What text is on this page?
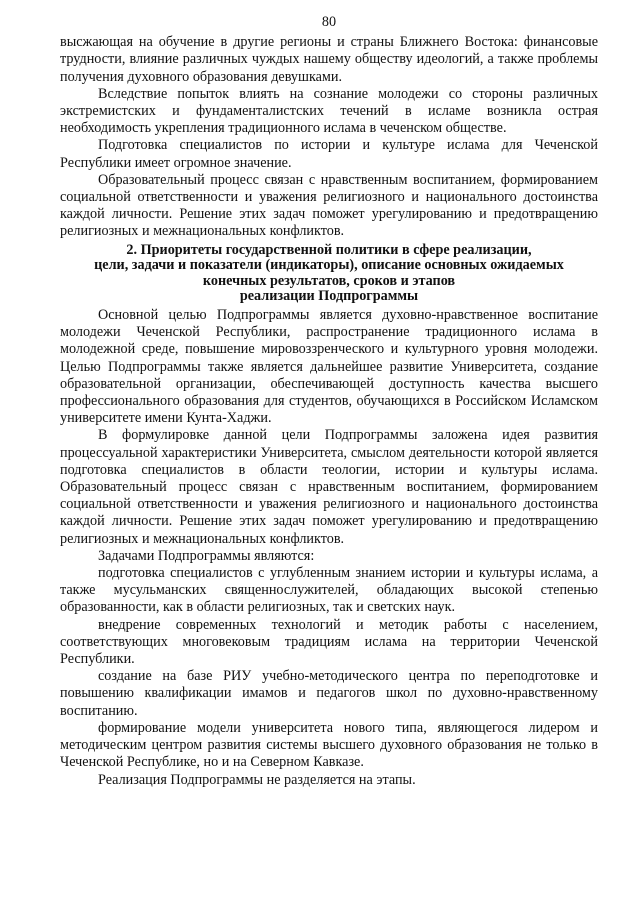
80

высжающая на обучение в другие регионы и страны Ближнего Востока: финансовые трудности, влияние различных чуждых нашему обществу идеологий, а также проблемы получения духовного образования девушками.

Вследствие попыток влиять на сознание молодежи со стороны различных экстремистских и фундаменталистских течений в исламе возникла острая необходимость укрепления традиционного ислама в чеченском обществе.

Подготовка специалистов по истории и культуре ислама для Чеченской Республики имеет огромное значение.

Образовательный процесс связан с нравственным воспитанием, формированием социальной ответственности и уважения религиозного и национального достоинства каждой личности. Решение этих задач поможет урегулированию и предотвращению религиозных и межнациональных конфликтов.

2. Приоритеты государственной политики в сфере реализации,
цели, задачи и показатели (индикаторы), описание основных ожидаемых
конечных результатов, сроков и этапов
реализации Подпрограммы

Основной целью Подпрограммы является духовно-нравственное воспитание молодежи Чеченской Республики, распространение традиционного ислама в молодежной среде, повышение мировоззренческого и культурного уровня молодежи. Целью Подпрограммы также является дальнейшее развитие Университета, создание образовательной организации, обеспечивающей доступность качества высшего профессионального образования для студентов, обучающихся в Российском Исламском университете имени Кунта-Хаджи.

В формулировке данной цели Подпрограммы заложена идея развития процессуальной характеристики Университета, смыслом деятельности которой является подготовка специалистов в области теологии, истории и культуры ислама. Образовательный процесс связан с нравственным воспитанием, формированием социальной ответственности и уважения религиозного и национального достоинства каждой личности. Решение этих задач поможет урегулированию и предотвращению религиозных и межнациональных конфликтов.

Задачами Подпрограммы являются:

подготовка специалистов с углубленным знанием истории и культуры ислама, а также мусульманских священнослужителей, обладающих высокой степенью образованности, как в области религиозных, так и светских наук.

внедрение современных технологий и методик работы с населением, соответствующих многовековым традициям ислама на территории Чеченской Республики.

создание на базе РИУ учебно-методического центра по переподготовке и повышению квалификации имамов и педагогов школ по духовно-нравственному воспитанию.

формирование модели университета нового типа, являющегося лидером и методическим центром развития системы высшего духовного образования не только в Чеченской Республике, но и на Северном Кавказе.

Реализация Подпрограммы не разделяется на этапы.
